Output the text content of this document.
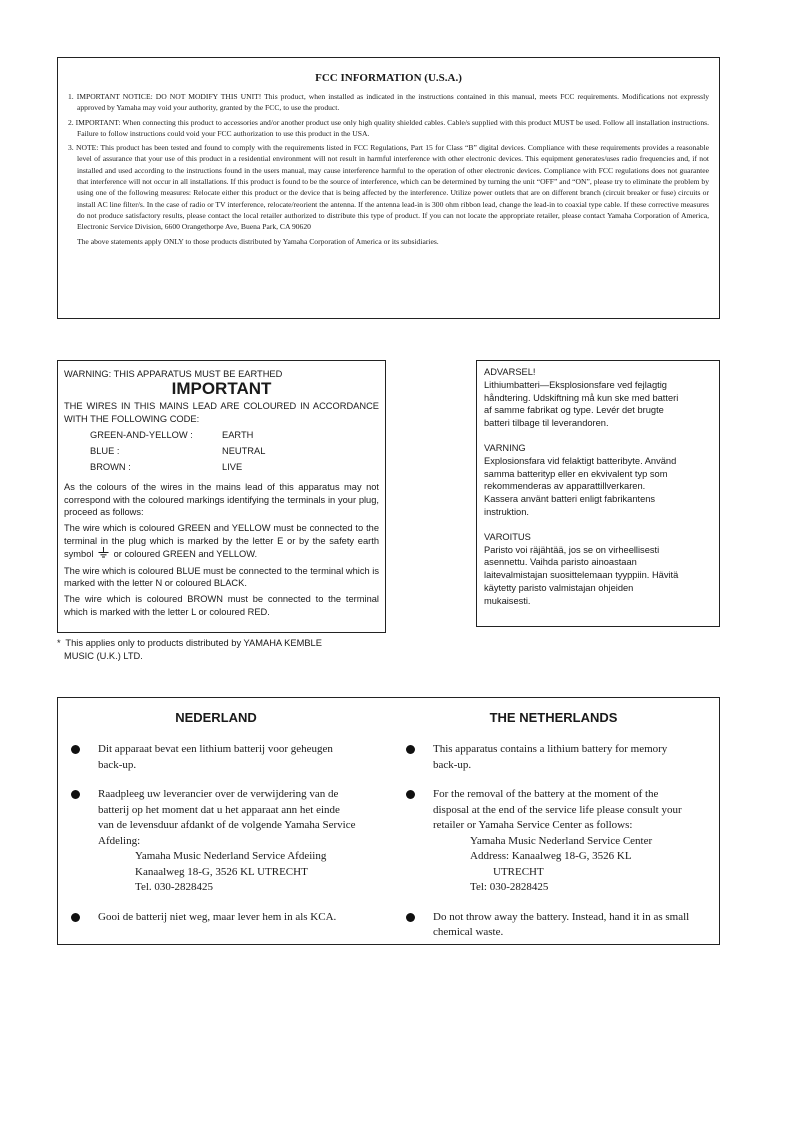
FCC INFORMATION (U.S.A.)

1. IMPORTANT NOTICE: DO NOT MODIFY THIS UNIT! This product, when installed as indicated in the instructions contained in this manual, meets FCC requirements. Modifications not expressly approved by Yamaha may void your authority, granted by the FCC, to use the product.
2. IMPORTANT: When connecting this product to accessories and/or another product use only high quality shielded cables. Cable/s supplied with this product MUST be used. Follow all installation instructions. Failure to follow instructions could void your FCC authorization to use this product in the USA.
3. NOTE: This product has been tested and found to comply with the requirements listed in FCC Regulations, Part 15 for Class “B” digital devices. Compliance with these requirements provides a reasonable level of assurance that your use of this product in a residential environment will not result in harmful interference with other electronic devices. This equipment generates/uses radio frequencies and, if not installed and used according to the instructions found in the users manual, may cause interference harmful to the operation of other electronic devices. Compliance with FCC regulations does not guarantee that interference will not occur in all installations. If this product is found to be the source of interference, which can be determined by turning the unit “OFF” and “ON”, please try to eliminate the problem by using one of the following measures: Relocate either this product or the device that is being affected by the interference. Utilize power outlets that are on different branch (circuit breaker or fuse) circuits or install AC line filter/s. In the case of radio or TV interference, relocate/reorient the antenna. If the antenna lead-in is 300 ohm ribbon lead, change the lead-in to coaxial type cable. If these corrective measures do not produce satisfactory results, please contact the local retailer authorized to distribute this type of product. If you can not locate the appropriate retailer, please contact Yamaha Corporation of America, Electronic Service Division, 6600 Orangethorpe Ave, Buena Park, CA 90620

The above statements apply ONLY to those products distributed by Yamaha Corporation of America or its subsidiaries.

WARNING: THIS APPARATUS MUST BE EARTHED

IMPORTANT

THE WIRES IN THIS MAINS LEAD ARE COLOURED IN ACCORDANCE WITH THE FOLLOWING CODE:

GREEN-AND-YELLOW :	EARTH
BLUE :	NEUTRAL
BROWN :	LIVE

As the colours of the wires in the mains lead of this apparatus may not correspond with the coloured markings identifying the terminals in your plug, proceed as follows:

The wire which is coloured GREEN and YELLOW must be connected to the terminal in the plug which is marked by the letter E or by the safety earth symbol or coloured GREEN and YELLOW.

The wire which is coloured BLUE must be connected to the terminal which is marked with the letter N or coloured BLACK.

The wire which is coloured BROWN must be connected to the terminal which is marked with the letter L or coloured RED.

* This applies only to products distributed by YAMAHA KEMBLE
MUSIC (U.K.) LTD.

ADVARSEL!

Lithiumbatteri—Eksplosionsfare ved fejlagtig

håndtering. Udskiftning må kun ske med batteri

af samme fabrikat og type. Levér det brugte

batteri tilbage til leverandoren.

VARNING

Explosionsfara vid felaktigt batteribyte. Använd

samma batterityp eller en ekvivalent typ som

rekommenderas av apparattillverkaren.

Kassera använt batteri enligt fabrikantens

instruktion.

VAROITUS

Paristo voi räjähtää, jos se on virheellisesti

asennettu. Vaihda paristo ainoastaan

laitevalmistajan suosittelemaan tyyppiin. Hävitä

käytetty paristo valmistajan ohjeiden

mukaisesti.

NEDERLAND
Dit apparaat bevat een lithium batterij voor geheugen
back-up.
Raadpleeg uw leverancier over de verwijdering van de
batterij op het moment dat u het apparaat ann het einde
van de levensduur afdankt of de volgende Yamaha Service
Afdeling:
Yamaha Music Nederland Service Afdeiing
Kanaalweg 18-G, 3526 KL UTRECHT
Tel. 030-2828425
Gooi de batterij niet weg, maar lever hem in als KCA.
THE NETHERLANDS
This apparatus contains a lithium battery for memory
back-up.
For the removal of the battery at the moment of the
disposal at the end of the service life please consult your
retailer or Yamaha Service Center as follows:
Yamaha Music Nederland Service Center
Address: Kanaalweg 18-G, 3526 KL
UTRECHT
Tel: 030-2828425
Do not throw away the battery. Instead, hand it in as small
chemical waste.
